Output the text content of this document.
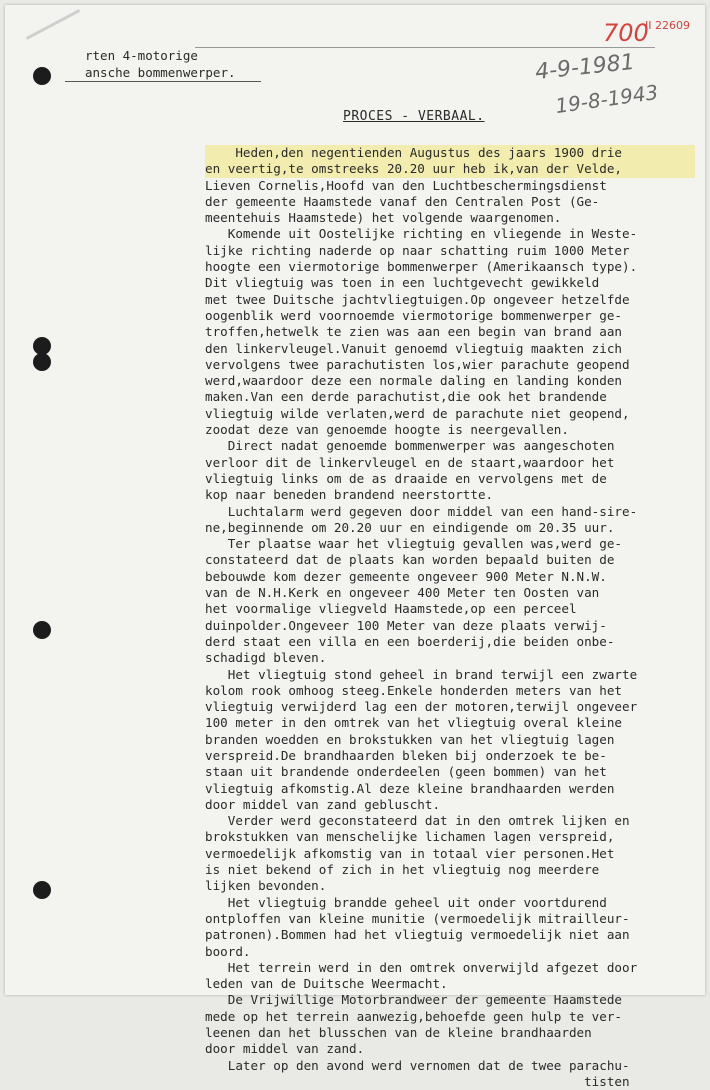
700
II 22609
4-9-1981
19-8-1943
rten 4-motorige
ansche bommenwerper.
PROCES - VERBAAL.
Heden,den negentienden Augustus des jaars 1900 drie
en veertig,te omstreeks 20.20 uur heb ik,van der Velde,
Lieven Cornelis,Hoofd van den Luchtbeschermingsdienst
der gemeente Haamstede vanaf den Centralen Post (Ge-
meentehuis Haamstede) het volgende waargenomen.
Komende uit Oostelijke richting en vliegende in Weste-
lijke richting naderde op naar schatting ruim 1000 Meter
hoogte een viermotorige bommenwerper (Amerikaansch type).
Dit vliegtuig was toen in een luchtgevecht gewikkeld
met twee Duitsche jachtvliegtuigen.Op ongeveer hetzelfde
oogenblik werd voornoemde viermotorige bommenwerper ge-
troffen,hetwelk te zien was aan een begin van brand aan
den linkervleugel.Vanuit genoemd vliegtuig maakten zich
vervolgens twee parachutisten los,wier parachute geopend
werd,waardoor deze een normale daling en landing konden
maken.Van een derde parachutist,die ook het brandende
vliegtuig wilde verlaten,werd de parachute niet geopend,
zoodat deze van genoemde hoogte is neergevallen.
Direct nadat genoemde bommenwerper was aangeschoten
verloor dit de linkervleugel en de staart,waardoor het
vliegtuig links om de as draaide en vervolgens met de
kop naar beneden brandend neerstortte.
Luchtalarm werd gegeven door middel van een hand-sire-
ne,beginnende om 20.20 uur en eindigende om 20.35 uur.
Ter plaatse waar het vliegtuig gevallen was,werd ge-
constateerd dat de plaats kan worden bepaald buiten de
bebouwde kom dezer gemeente ongeveer 900 Meter N.N.W.
van de N.H.Kerk en ongeveer 400 Meter ten Oosten van
het voormalige vliegveld Haamstede,op een perceel
duinpolder.Ongeveer 100 Meter van deze plaats verwij-
derd staat een villa en een boerderij,die beiden onbe-
schadigd bleven.
Het vliegtuig stond geheel in brand terwijl een zwarte
kolom rook omhoog steeg.Enkele honderden meters van het
vliegtuig verwijderd lag een der motoren,terwijl ongeveer
100 meter in den omtrek van het vliegtuig overal kleine
branden woedden en brokstukken van het vliegtuig lagen
verspreid.De brandhaarden bleken bij onderzoek te be-
staan uit brandende onderdeelen (geen bommen) van het
vliegtuig afkomstig.Al deze kleine brandhaarden werden
door middel van zand gebluscht.
Verder werd geconstateerd dat in den omtrek lijken en
brokstukken van menschelijke lichamen lagen verspreid,
vermoedelijk afkomstig van in totaal vier personen.Het
is niet bekend of zich in het vliegtuig nog meerdere
lijken bevonden.
Het vliegtuig brandde geheel uit onder voortdurend
ontploffen van kleine munitie (vermoedelijk mitrailleur-
patronen).Bommen had het vliegtuig vermoedelijk niet aan
boord.
Het terrein werd in den omtrek onverwijld afgezet door
leden van de Duitsche Weermacht.
De Vrijwillige Motorbrandweer der gemeente Haamstede
mede op het terrein aanwezig,behoefde geen hulp te ver-
leenen dan het blusschen van de kleine brandhaarden
door middel van zand.
Later op den avond werd vernomen dat de twee parachu-
tisten
